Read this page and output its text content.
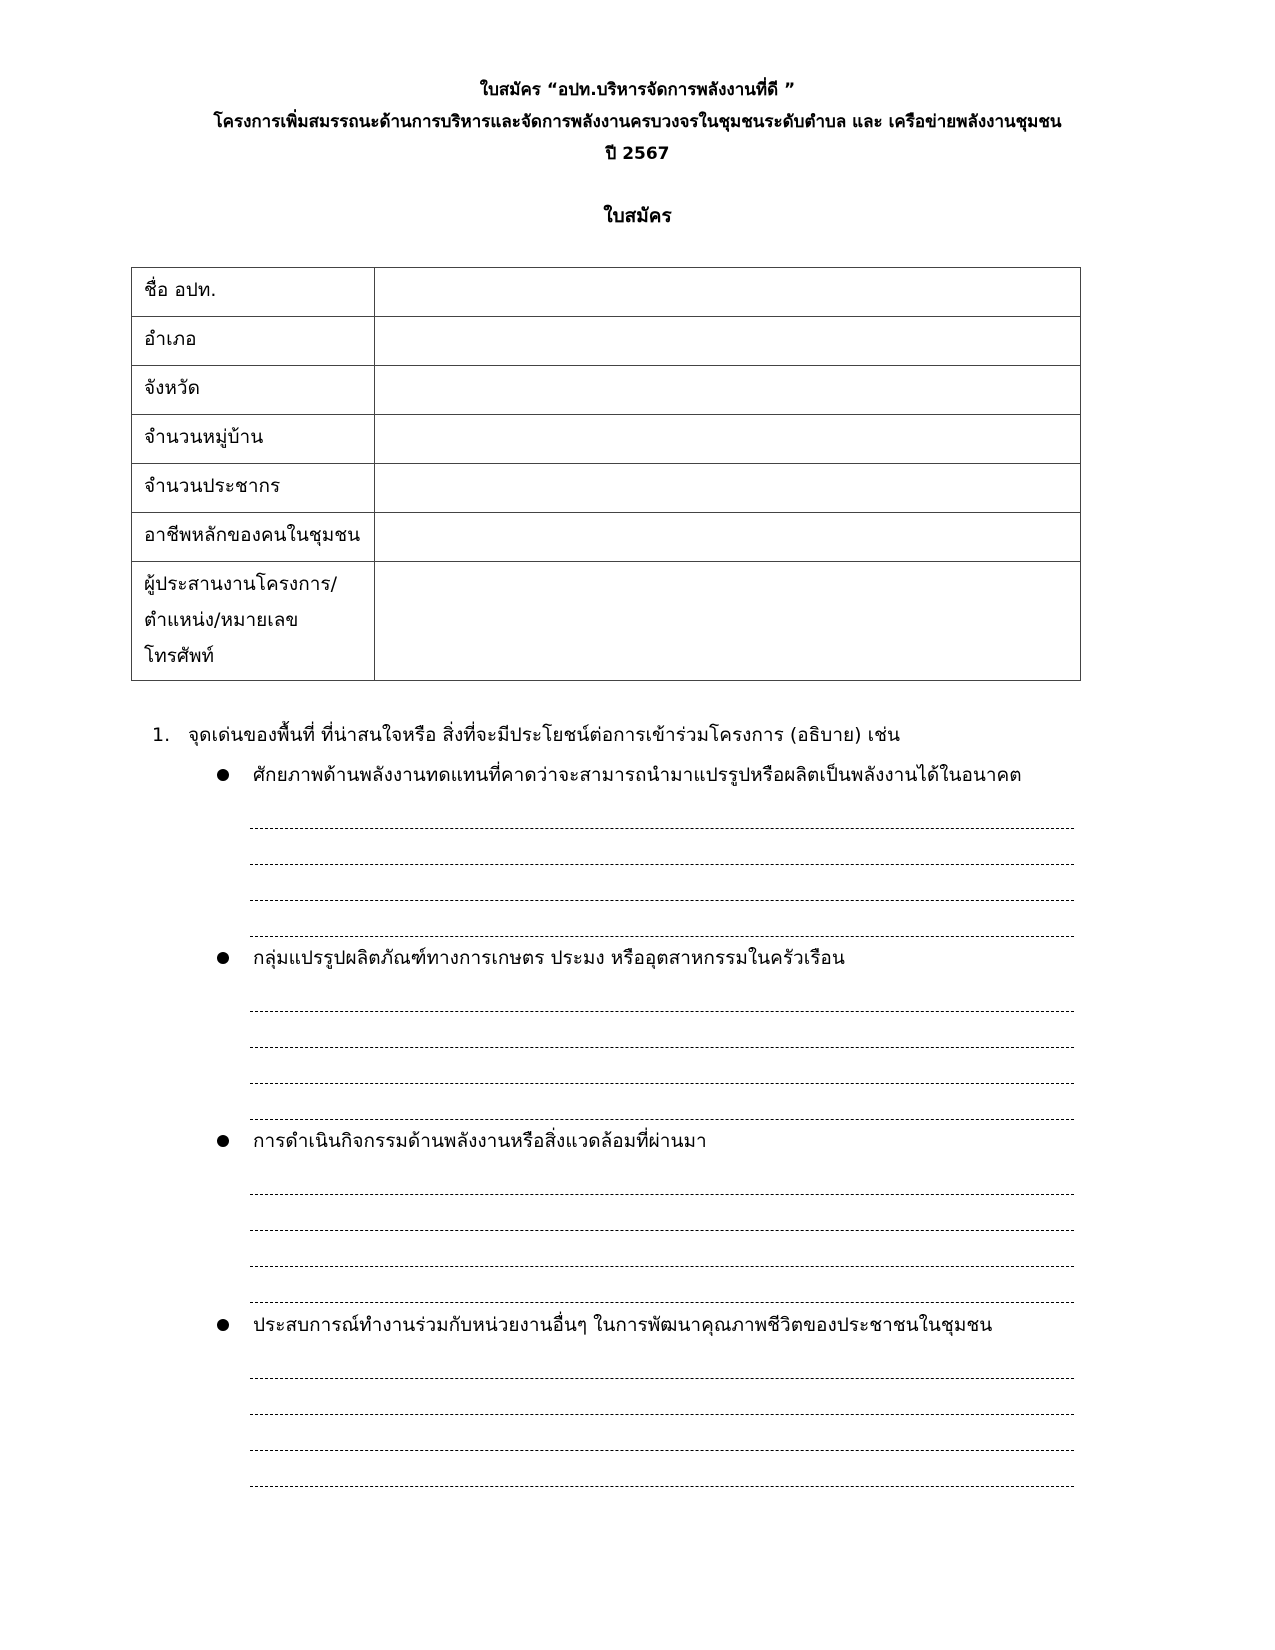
ใบสมัคร “อปท.บริหารจัดการพลังงานที่ดี ”
โครงการเพิ่มสมรรถนะด้านการบริหารและจัดการพลังงานครบวงจรในชุมชนระดับตำบล และ เครือข่ายพลังงานชุมชน
ปี 2567
ใบสมัคร
ชื่อ อปท.	
อำเภอ	
จังหวัด	
จำนวนหมู่บ้าน	
จำนวนประชากร	
อาชีพหลักของคนในชุมชน	
ผู้ประสานงานโครงการ/ ตำแหน่ง/หมายเลข โทรศัพท์	
1. จุดเด่นของพื้นที่ ที่น่าสนใจหรือ สิ่งที่จะมีประโยชน์ต่อการเข้าร่วมโครงการ (อธิบาย) เช่น
ศักยภาพด้านพลังงานทดแทนที่คาดว่าจะสามารถนำมาแปรรูปหรือผลิตเป็นพลังงานได้ในอนาคต
กลุ่มแปรรูปผลิตภัณฑ์ทางการเกษตร ประมง หรืออุตสาหกรรมในครัวเรือน
การดำเนินกิจกรรมด้านพลังงานหรือสิ่งแวดล้อมที่ผ่านมา
ประสบการณ์ทำงานร่วมกับหน่วยงานอื่นๆ ในการพัฒนาคุณภาพชีวิตของประชาชนในชุมชน
